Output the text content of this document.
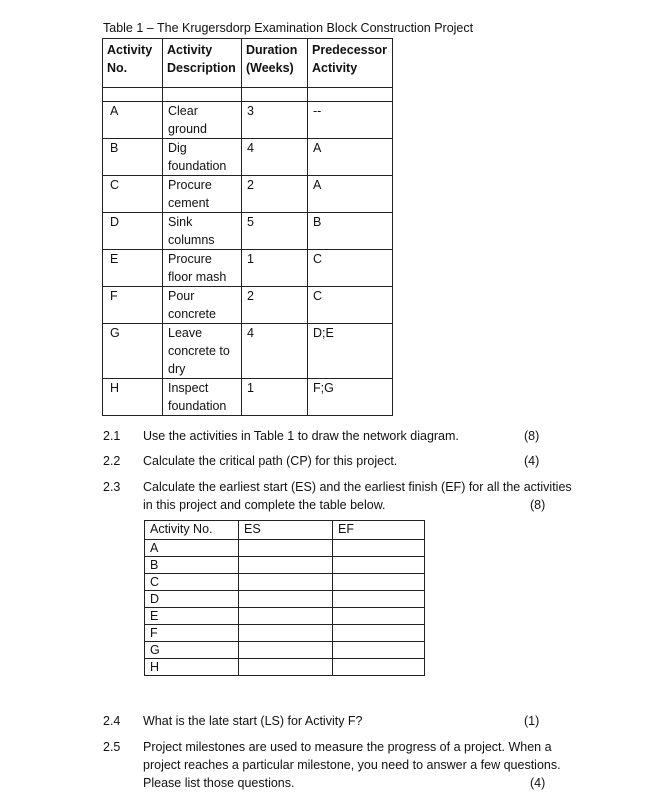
Table 1 – The Krugersdorp Examination Block Construction Project
Activity No.	Activity Description	Duration (Weeks)	Predecessor Activity

A	Clear ground	3	--
B	Dig foundation	4	A
C	Procure cement	2	A
D	Sink columns	5	B
E	Procure floor mash	1	C
F	Pour concrete	2	C
G	Leave concrete to dry	4	D;E
H	Inspect foundation	1	F;G
2.1 Use the activities in Table 1 to draw the network diagram.	(8)
2.2 Calculate the critical path (CP) for this project.	(4)
2.3 Calculate the earliest start (ES) and the earliest finish (EF) for all the activities in this project and complete the table below.	(8)
2.4 What is the late start (LS) for Activity F?	(1)
2.5 Project milestones are used to measure the progress of a project. When a project reaches a particular milestone, you need to answer a few questions. Please list those questions.	(4)
Activity No.	ES	EF
A		
B		
C		
D		
E		
F		
G		
H		
